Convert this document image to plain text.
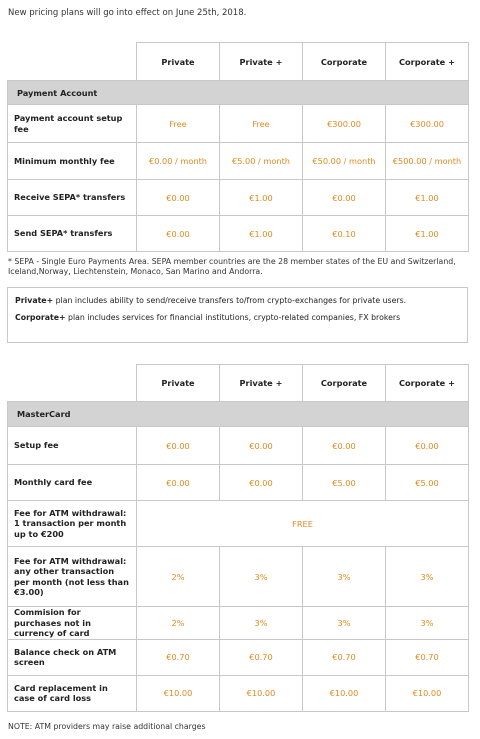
New pricing plans will go into effect on June 25th, 2018.
	Private	Private +	Corporate	Corporate +
Payment Account				
Payment account setup fee	Free	Free	€300.00	€300.00
Minimum monthly fee	€0.00 / month	€5.00 / month	€50.00 / month	€500.00 / month
Receive SEPA* transfers	€0.00	€1.00	€0.00	€1.00
Send SEPA* transfers	€0.00	€1.00	€0.10	€1.00
* SEPA - Single Euro Payments Area. SEPA member countries are the 28 member states of the EU and Switzerland, Iceland,Norway, Liechtenstein, Monaco, San Marino and Andorra.

Private+ plan includes ability to send/receive transfers to/from crypto-exchanges for private users.

Corporate+ plan includes services for financial institutions, crypto-related companies, FX brokers

	Private	Private +	Corporate	Corporate +
MasterCard				
Setup fee	€0.00	€0.00	€0.00	€0.00
Monthly card fee	€0.00	€0.00	€5.00	€5.00
Fee for ATM withdrawal: 1 transaction per month up to €200	FREE			
Fee for ATM withdrawal: any other transaction per month (not less than €3.00)	2%	3%	3%	3%
Commision for purchases not in currency of card	2%	3%	3%	3%
Balance check on ATM screen	€0.70	€0.70	€0.70	€0.70
Card replacement in case of card loss	€10.00	€10.00	€10.00	€10.00
NOTE: ATM providers may raise additional charges
